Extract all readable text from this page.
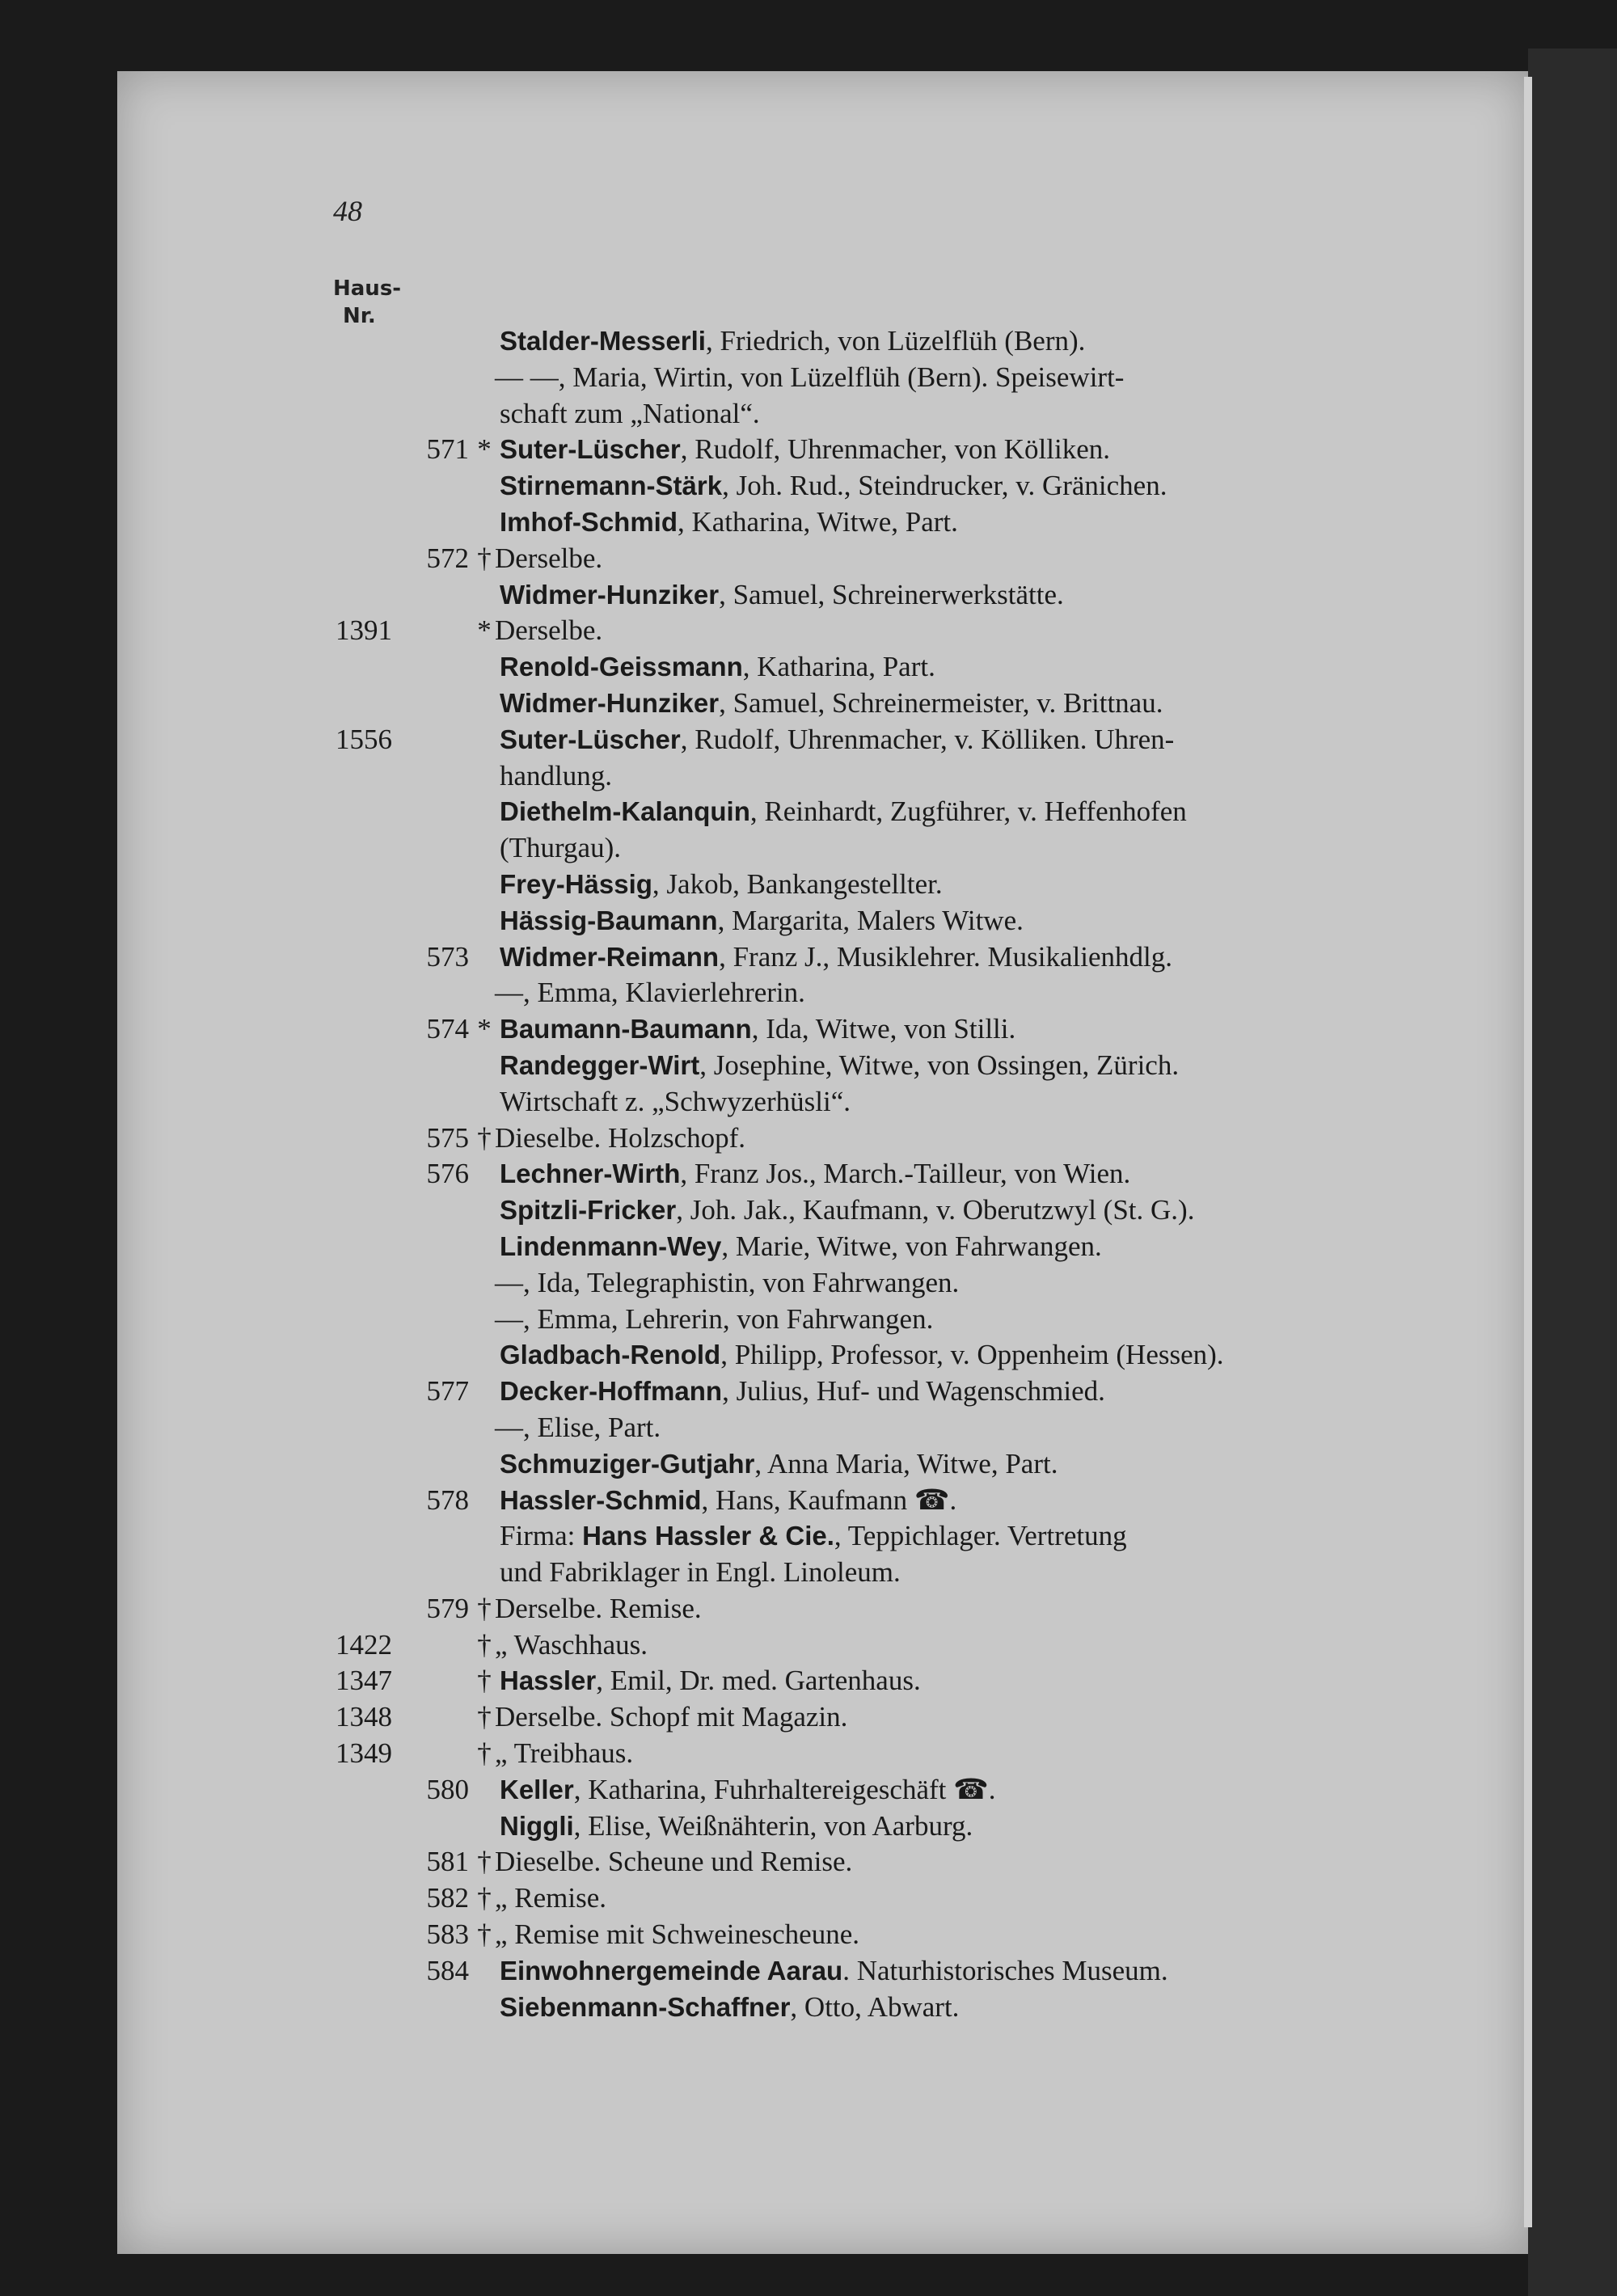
48
Haus-
Nr.
Stalder-Messerli, Friedrich, von Lüzelflüh (Bern).
— —, Maria, Wirtin, von Lüzelflüh (Bern). Speisewirt-
schaft zum „National“.
571 * Suter-Lüscher, Rudolf, Uhrenmacher, von Kölliken.
Stirnemann-Stärk, Joh. Rud., Steindrucker, v. Gränichen.
Imhof-Schmid, Katharina, Witwe, Part.
572 † Derselbe.
Widmer-Hunziker, Samuel, Schreinerwerkstätte.
1391	* Derselbe.
Renold-Geissmann, Katharina, Part.
Widmer-Hunziker, Samuel, Schreinermeister, v. Brittnau.
1556	Suter-Lüscher, Rudolf, Uhrenmacher, v. Kölliken. Uhren-
handlung.
Diethelm-Kalanquin, Reinhardt, Zugführer, v. Heffenhofen
(Thurgau).
Frey-Hässig, Jakob, Bankangestellter.
Hässig-Baumann, Margarita, Malers Witwe.
573 Widmer-Reimann, Franz J., Musiklehrer. Musikalienhdlg.
—, Emma, Klavierlehrerin.
574 * Baumann-Baumann, Ida, Witwe, von Stilli.
Randegger-Wirt, Josephine, Witwe, von Ossingen, Zürich.
Wirtschaft z. „Schwyzerhüsli“.
575 † Dieselbe. Holzschopf.
576 Lechner-Wirth, Franz Jos., March.-Tailleur, von Wien.
Spitzli-Fricker, Joh. Jak., Kaufmann, v. Oberutzwyl (St. G.).
Lindenmann-Wey, Marie, Witwe, von Fahrwangen.
—, Ida, Telegraphistin, von Fahrwangen.
—, Emma, Lehrerin, von Fahrwangen.
Gladbach-Renold, Philipp, Professor, v. Oppenheim (Hessen).
577 Decker-Hoffmann, Julius, Huf- und Wagenschmied.
—, Elise, Part.
Schmuziger-Gutjahr, Anna Maria, Witwe, Part.
578 Hassler-Schmid, Hans, Kaufmann ☎.
Firma: Hans Hassler & Cie., Teppichlager. Vertretung
und Fabriklager in Engl. Linoleum.
579 † Derselbe. Remise.
1422	† „ Waschhaus.
1347	† Hassler, Emil, Dr. med. Gartenhaus.
1348	† Derselbe. Schopf mit Magazin.
1349	† „ Treibhaus.
580 Keller, Katharina, Fuhrhaltereigeschäft ☎.
Niggli, Elise, Weißnähterin, von Aarburg.
581 † Dieselbe. Scheune und Remise.
582 † „ Remise.
583 † „ Remise mit Schweinescheune.
584 Einwohnergemeinde Aarau. Naturhistorisches Museum.
Siebenmann-Schaffner, Otto, Abwart.
